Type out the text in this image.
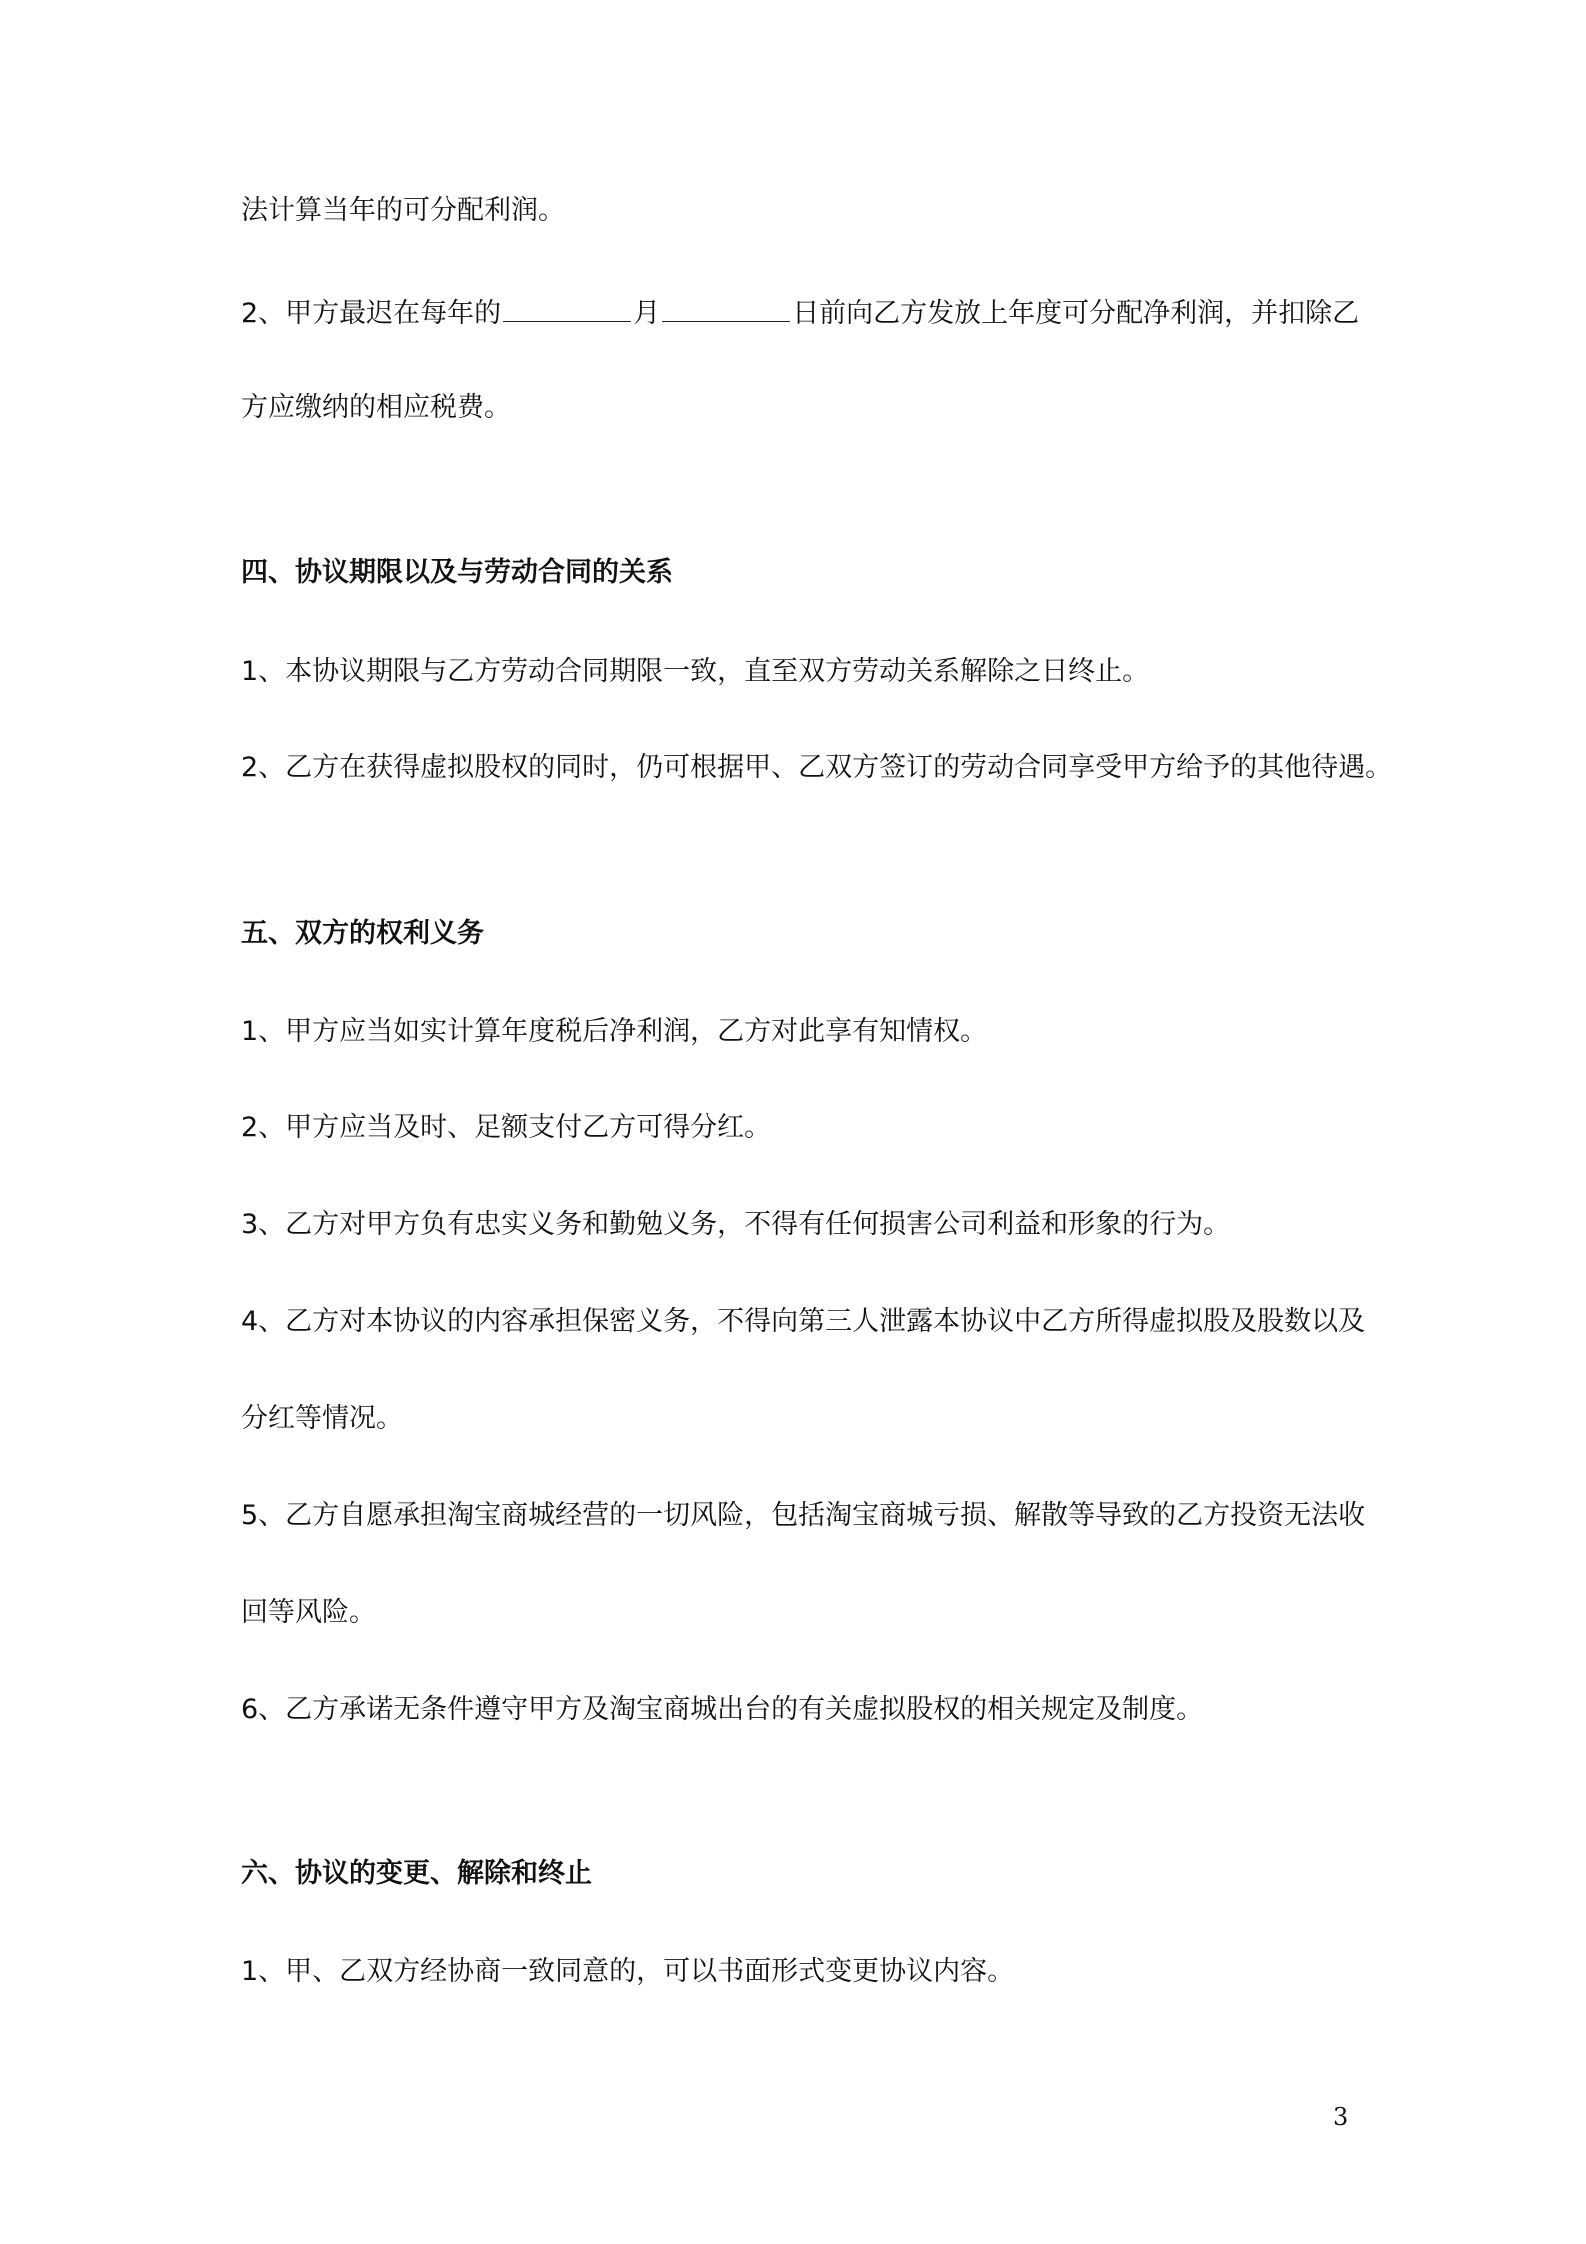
法计算当年的可分配利润。
2、甲方最迟在每年的	月	日前向乙方发放上年度可分配净利润，并扣除乙
方应缴纳的相应税费。
四、协议期限以及与劳动合同的关系
1、本协议期限与乙方劳动合同期限一致，直至双方劳动关系解除之日终止。
2、乙方在获得虚拟股权的同时，仍可根据甲、乙双方签订的劳动合同享受甲方给予的其他待遇。
五、双方的权利义务
1、甲方应当如实计算年度税后净利润，乙方对此享有知情权。
2、甲方应当及时、足额支付乙方可得分红。
3、乙方对甲方负有忠实义务和勤勉义务，不得有任何损害公司利益和形象的行为。
4、乙方对本协议的内容承担保密义务，不得向第三人泄露本协议中乙方所得虚拟股及股数以及
分红等情况。
5、乙方自愿承担淘宝商城经营的一切风险，包括淘宝商城亏损、解散等导致的乙方投资无法收
回等风险。
6、乙方承诺无条件遵守甲方及淘宝商城出台的有关虚拟股权的相关规定及制度。
六、协议的变更、解除和终止
1、甲、乙双方经协商一致同意的，可以书面形式变更协议内容。
3
